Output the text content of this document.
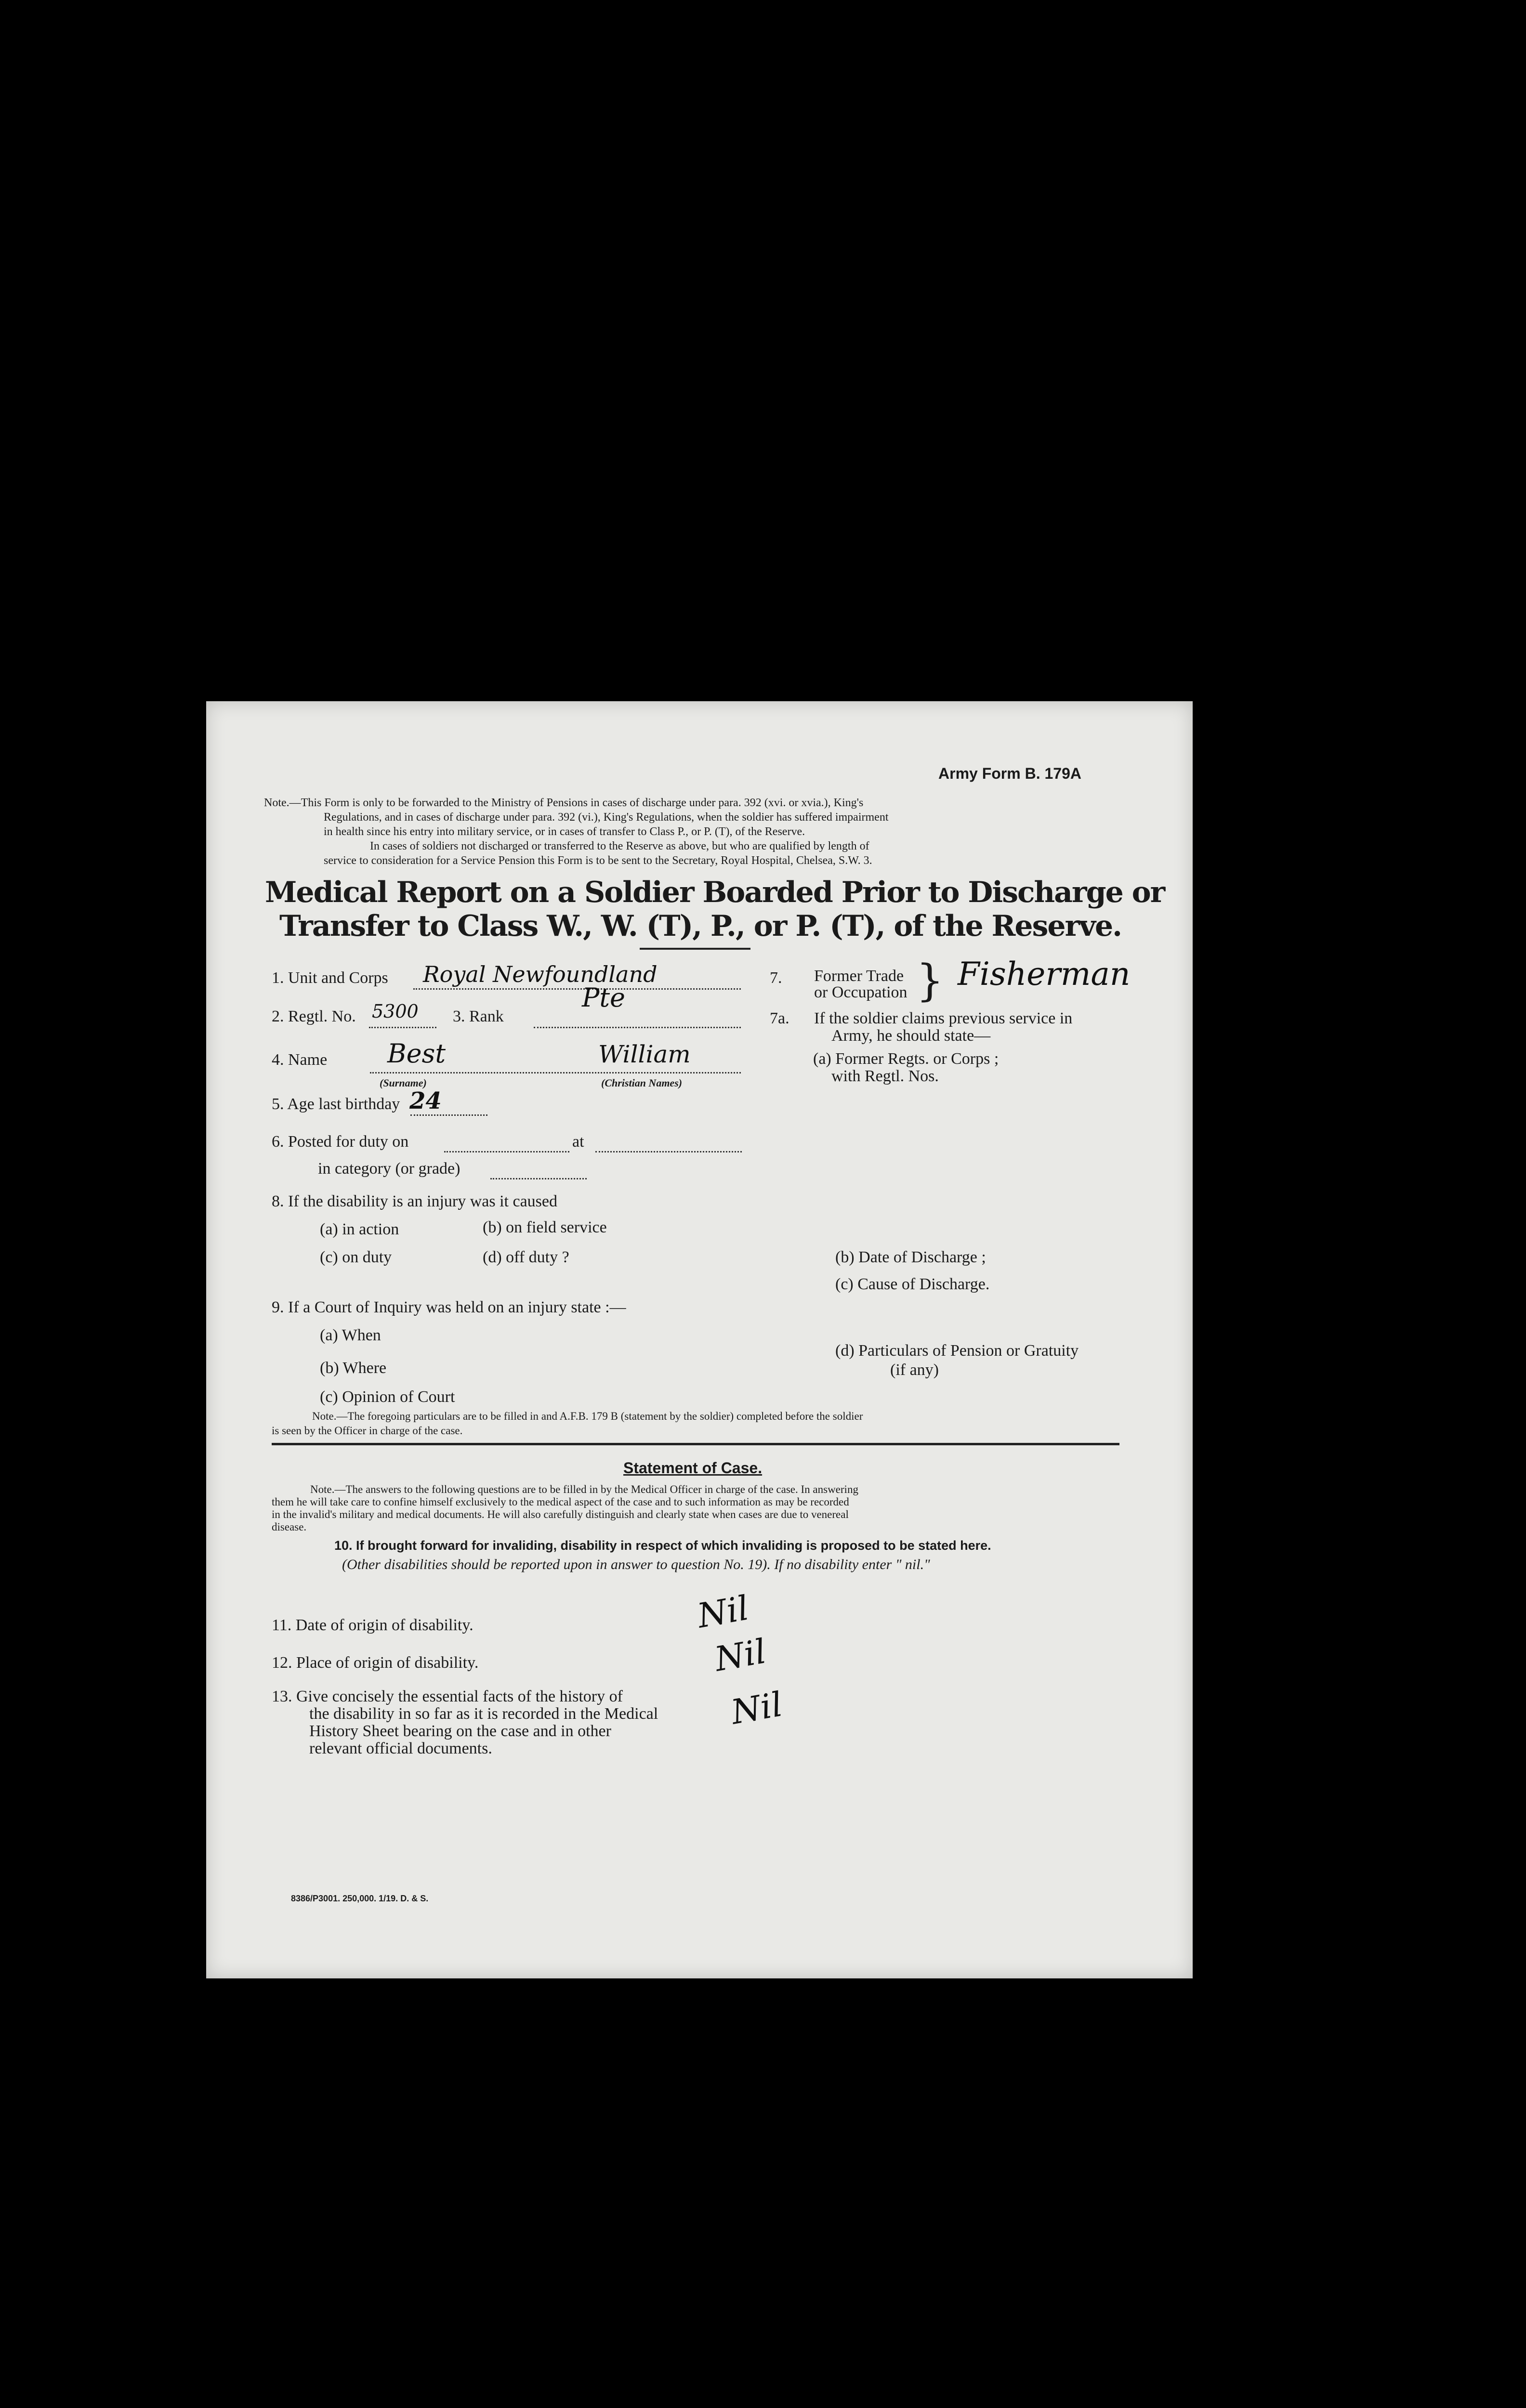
Army Form B. 179A
Note.—This Form is only to be forwarded to the Ministry of Pensions in cases of discharge under para. 392 (xvi. or xvia.), King's
Regulations, and in cases of discharge under para. 392 (vi.), King's Regulations, when the soldier has suffered impairment
in health since his entry into military service, or in cases of transfer to Class P., or P. (T), of the Reserve.
In cases of soldiers not discharged or transferred to the Reserve as above, but who are qualified by length of
service to consideration for a Service Pension this Form is to be sent to the Secretary, Royal Hospital, Chelsea, S.W. 3.
Medical Report on a Soldier Boarded Prior to Discharge or
Transfer to Class W., W. (T), P., or P. (T), of the Reserve.
1. Unit and Corps Royal Newfoundland
2. Regtl. No. 5300 3. Rank
Pte
4. Name Best	William
(Surname)	(Christian Names)
5. Age last birthday 24
6. Posted for duty on	at
in category (or grade)
7. Former Trade
or Occupation } Fisherman
7a. If the soldier claims previous service in
Army, he should state—
(a) Former Regts. or Corps ;
with Regtl. Nos.
8. If the disability is an injury was it caused
(a) in action	(b) on field service
(c) on duty	(d) off duty ?	(b) Date of Discharge ;
(c) Cause of Discharge.
(d) Particulars of Pension or Gratuity
(if any)
9. If a Court of Inquiry was held on an injury state :—
(a) When
(b) Where
(c) Opinion of Court
Note.—The foregoing particulars are to be filled in and A.F.B. 179 B (statement by the soldier) completed before the soldier
is seen by the Officer in charge of the case.
Statement of Case.
Note.—The answers to the following questions are to be filled in by the Medical Officer in charge of the case. In answering
them he will take care to confine himself exclusively to the medical aspect of the case and to such information as may be recorded
in the invalid's military and medical documents. He will also carefully distinguish and clearly state when cases are due to venereal
disease.
10. If brought forward for invaliding, disability in respect of which invaliding is proposed to be stated here.
(Other disabilities should be reported upon in answer to question No. 19). If no disability enter " nil."
11. Date of origin of disability.	Nil
12. Place of origin of disability.	Nil
13. Give concisely the essential facts of the history of
the disability in so far as it is recorded in the Medical
History Sheet bearing on the case and in other
relevant official documents.
Nil
8386/P3001. 250,000. 1/19. D. & S.
